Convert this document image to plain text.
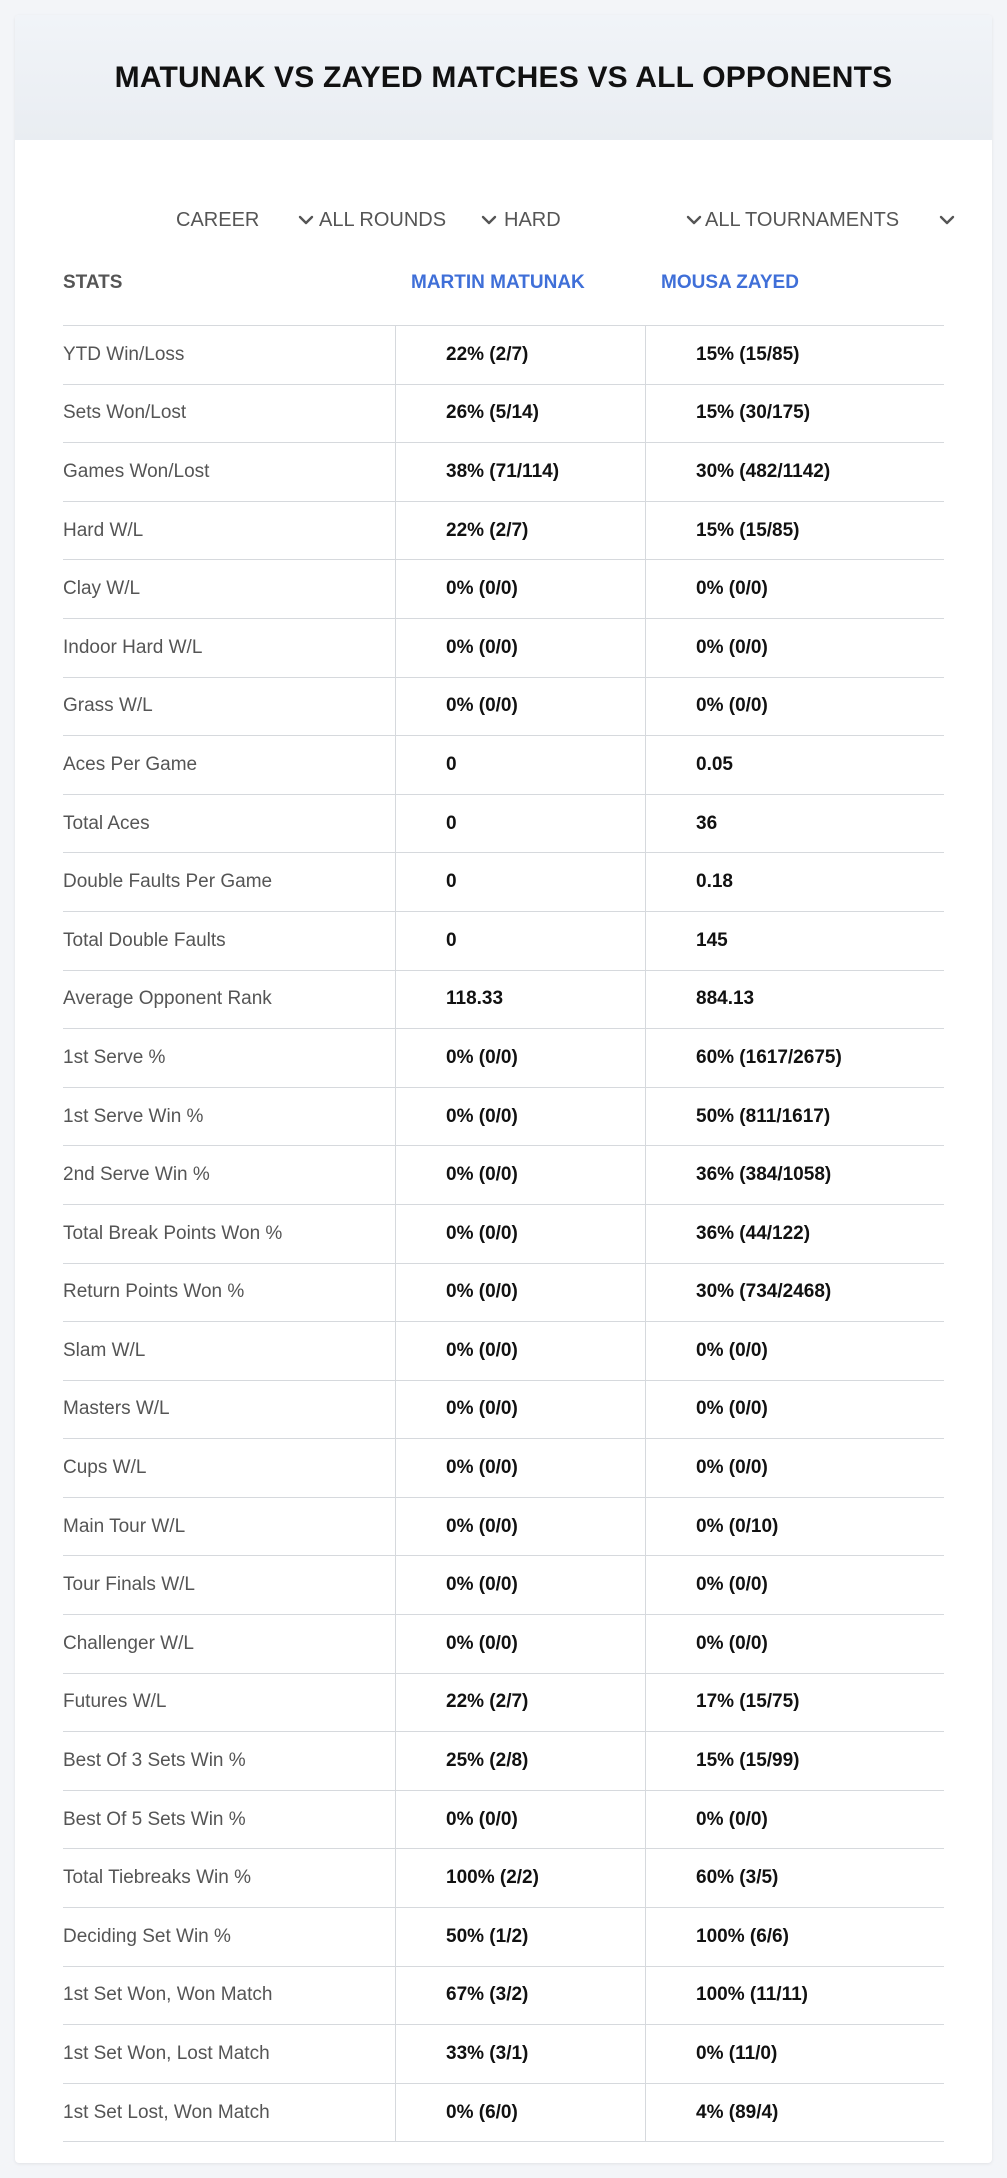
MATUNAK VS ZAYED MATCHES VS ALL OPPONENTS
CAREER	ALL ROUNDS	HARD	ALL TOURNAMENTS
STATS	MARTIN MATUNAK	MOUSA ZAYED
YTD Win/Loss	22% (2/7)	15% (15/85)
Sets Won/Lost	26% (5/14)	15% (30/175)
Games Won/Lost	38% (71/114)	30% (482/1142)
Hard W/L	22% (2/7)	15% (15/85)
Clay W/L	0% (0/0)	0% (0/0)
Indoor Hard W/L	0% (0/0)	0% (0/0)
Grass W/L	0% (0/0)	0% (0/0)
Aces Per Game	0	0.05
Total Aces	0	36
Double Faults Per Game	0	0.18
Total Double Faults	0	145
Average Opponent Rank	118.33	884.13
1st Serve %	0% (0/0)	60% (1617/2675)
1st Serve Win %	0% (0/0)	50% (811/1617)
2nd Serve Win %	0% (0/0)	36% (384/1058)
Total Break Points Won %	0% (0/0)	36% (44/122)
Return Points Won %	0% (0/0)	30% (734/2468)
Slam W/L	0% (0/0)	0% (0/0)
Masters W/L	0% (0/0)	0% (0/0)
Cups W/L	0% (0/0)	0% (0/0)
Main Tour W/L	0% (0/0)	0% (0/10)
Tour Finals W/L	0% (0/0)	0% (0/0)
Challenger W/L	0% (0/0)	0% (0/0)
Futures W/L	22% (2/7)	17% (15/75)
Best Of 3 Sets Win %	25% (2/8)	15% (15/99)
Best Of 5 Sets Win %	0% (0/0)	0% (0/0)
Total Tiebreaks Win %	100% (2/2)	60% (3/5)
Deciding Set Win %	50% (1/2)	100% (6/6)
1st Set Won, Won Match	67% (3/2)	100% (11/11)
1st Set Won, Lost Match	33% (3/1)	0% (11/0)
1st Set Lost, Won Match	0% (6/0)	4% (89/4)
